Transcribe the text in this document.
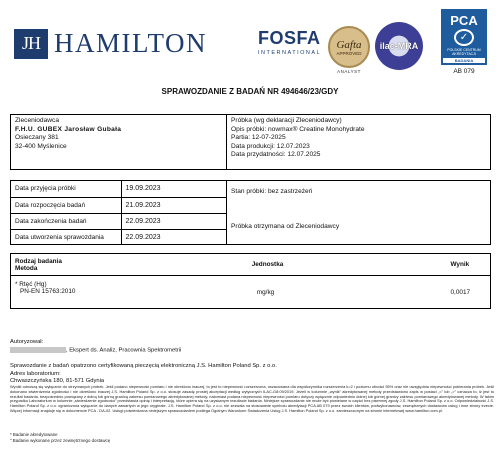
JH HAMILTON	FOSFA
INTERNATIONAL
Gafta
APPROVED
ANALYST
ilac-MRA
PCA
✓
POLSKIE CENTRUM AKREDYTACJI
BADANIA
AB 079
SPRAWOZDANIE Z BADAŃ NR 494646/23/GDY
Zleceniodawca
F.H.U. GUBEX Jarosław Gubała
Osieczany 381
32-400 Myślenice
Próbka (wg deklaracji Zleceniodawcy)
Opis próbki: nowmax® Creatine Monohydrate
Partia: 12-07-2025
Data produkcji: 12.07.2023
Data przydatności: 12.07.2025
Data przyjęcia próbki	19.09.2023
Data rozpoczęcia badań	21.09.2023
Data zakończenia badań	22.09.2023
Data utworzenia sprawozdania	22.09.2023
Stan próbki: bez zastrzeżeń
Próbka otrzymana od Zleceniodawcy
Rodzaj badania
Metoda	Jednostka	Wynik

* Rtęć (Hg)
PN-EN 15763:2010	mg/kg	0,0017
Autoryzował:
, Ekspert ds. Analiz, Pracownia Spektrometrii
Sprawozdanie z badań opatrzono certyfikowaną pieczęcią elektroniczną J.S. Hamilton Poland Sp. z o.o.
Adres laboratorium:
Chwaszczyńska 180, 81-571 Gdynia
Wyniki odnoszą się wyłącznie do otrzymanych próbek. Jeśli podano niepewność pomiaru i nie określono inaczej, to jest to niepewność rozszerzona, oszacowana dla współczynnika rozszerzenia k=2 i poziomu ufności 95% oraz nie uwzględnia niepewności pobierania próbek. Jeśli dokonano stwierdzenia zgodności i nie określono inaczej J.S. Hamilton Poland Sp. z o.o. stosuje zasadę prostej akceptacji według wytycznych ILAC-G8:09/2019. Jeżeli w kolumnie „wynik” akredytowanej metody przedstawiono zapis w postaci „<” lub „>” oznacza to, iż jest to rezultat badania, bezpośrednio powiązany z dolną lub górną granicą zakresu pomiarowego akredytowanej metody, natomiast podana niepewność niepewności pomiaru dotyczy wyłącznie odpowiednio dolnej lub górnej granicy zakresu pomiarowego akredytowanej metody. W takim przypadku Laboratorium w kolumnie „stwierdzenie zgodności” przedstawia opinię i interpretację, które opiera się na uzyskanym rezultacie badania. Niniejsze sprawozdanie nie może być powielane w części bez pisemnej zgody J.S. Hamilton Poland Sp. z o.o. Odpowiedzialność J.S. Hamilton Poland Sp. z o.o. ograniczona wyłącznie do danych zawartych w jego oryginale. J.S. Hamilton Poland Sp. z o.o. nie zezwala na stosowanie symbolu akredytacji PCA AB 079 przez swoich klientów, podwykonawców, zewnętrznych dostawców usług i inne strony trzecie. Więcej informacji znajduje się w dokumencie PCA - DA-02. Usługi potwierdzona niniejszym sprawozdaniem podlega Ogólnym Warunkom Świadczenia Usług J.S. Hamilton Poland Sp. z o.o. zamieszczonym na stronie internetowej www.hamilton.com.pl.
* Badanie akredytowane
" Badanie wykonane przez zewnętrznego dostawcę
